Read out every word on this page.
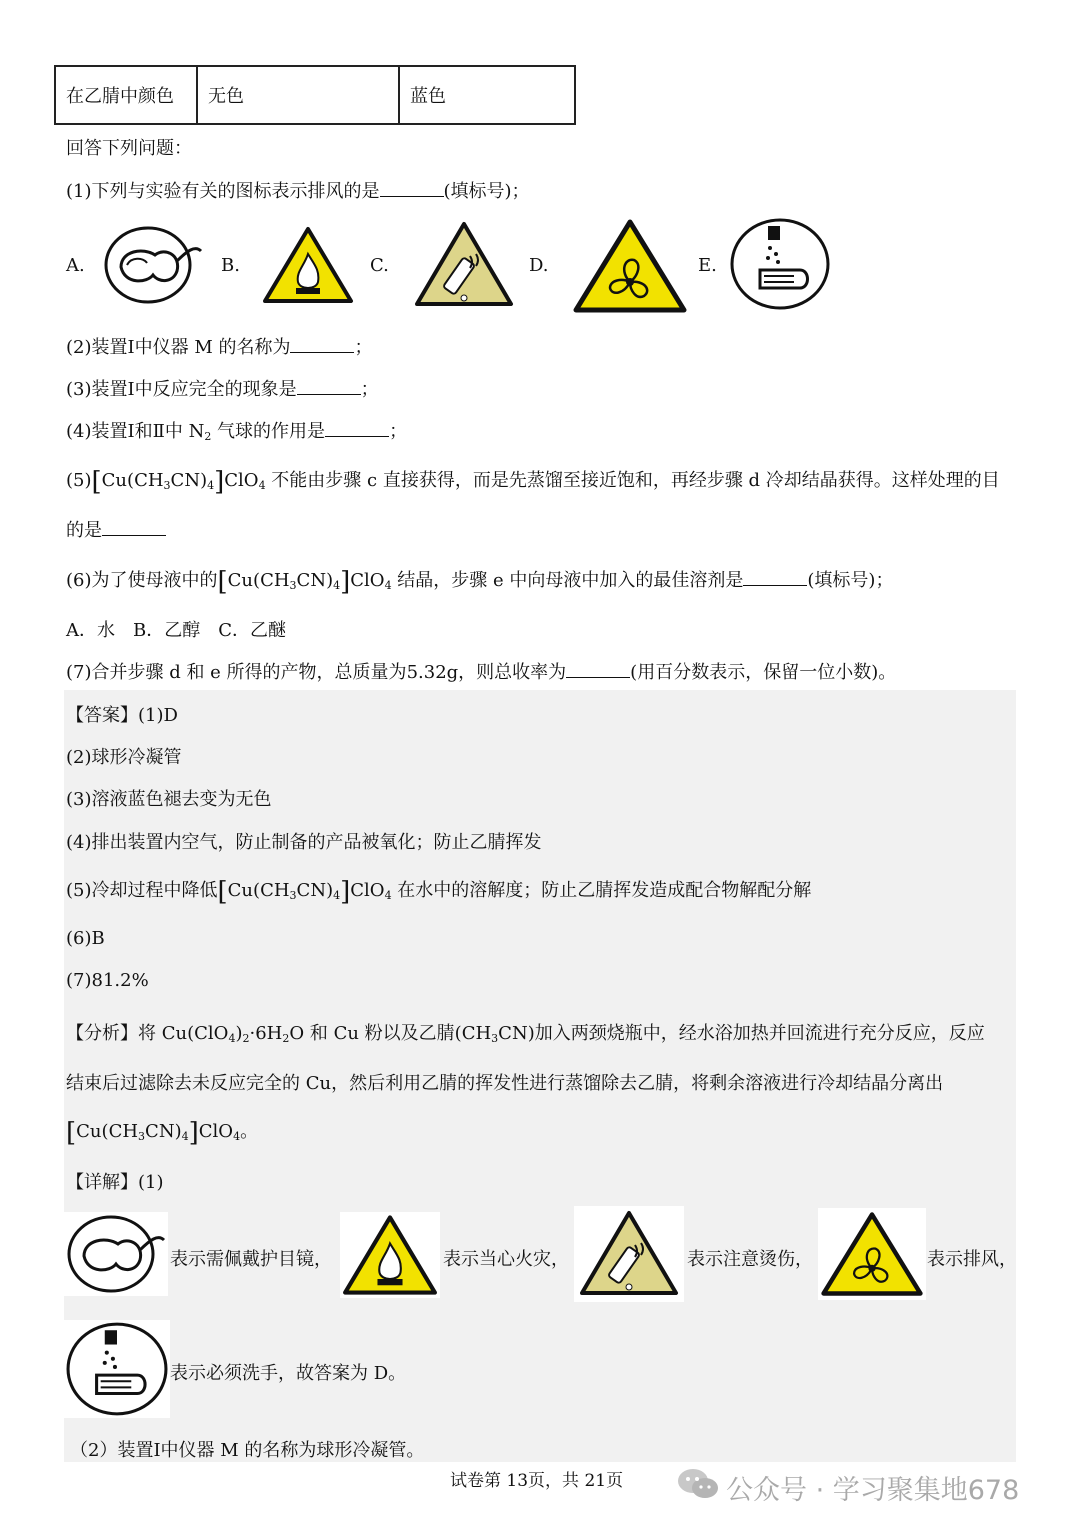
在乙腈中颜色	无色	蓝色
回答下列问题：
(1)下列与实验有关的图标表示排风的是	(填标号)；
A.	B.	C.	D.	E.
(2)装置Ⅰ中仪器 M 的名称为	；
(3)装置Ⅰ中反应完全的现象是	；
(4)装置Ⅰ和Ⅱ中 $N_2$ 气球的作用是	；
$(5)[Cu(CH_3CN)_4]ClO_4$ 不能由步骤 c 直接获得，而是先蒸馏至接近饱和，再经步骤 d 冷却结晶获得。这样处理的目
的是
(6)为了使母液中的$[Cu(CH_3CN)_4]ClO_4$ 结晶，步骤 e 中向母液中加入的最佳溶剂是	(填标号)；
A．水　B．乙醇　C．乙醚
(7)合并步骤 d 和 e 所得的产物，总质量为5.32g，则总收率为	(用百分数表示，保留一位小数)。
【答案】(1)D
(2)球形冷凝管
(3)溶液蓝色褪去变为无色
(4)排出装置内空气，防止制备的产品被氧化；防止乙腈挥发
(5)冷却过程中降低$[Cu(CH_3CN)_4]ClO_4$ 在水中的溶解度；防止乙腈挥发造成配合物解配分解
(6)B
(7)81.2%
【分析】将 $Cu(ClO_4)_2\cdot 6H_2O$ 和 Cu 粉以及乙腈$(CH_3CN)$加入两颈烧瓶中，经水浴加热并回流进行充分反应，反应
结束后过滤除去未反应完全的 Cu，然后利用乙腈的挥发性进行蒸馏除去乙腈，将剩余溶液进行冷却结晶分离出
$[Cu(CH_3CN)_4]ClO_4$。
【详解】(1)
表示需佩戴护目镜，	表示当心火灾，	表示注意烫伤，	表示排风，
表示必须洗手，故答案为 D。
（2）装置Ⅰ中仪器 M 的名称为球形冷凝管。
试卷第 13页，共 21页	公众号 · 学习聚集地678
